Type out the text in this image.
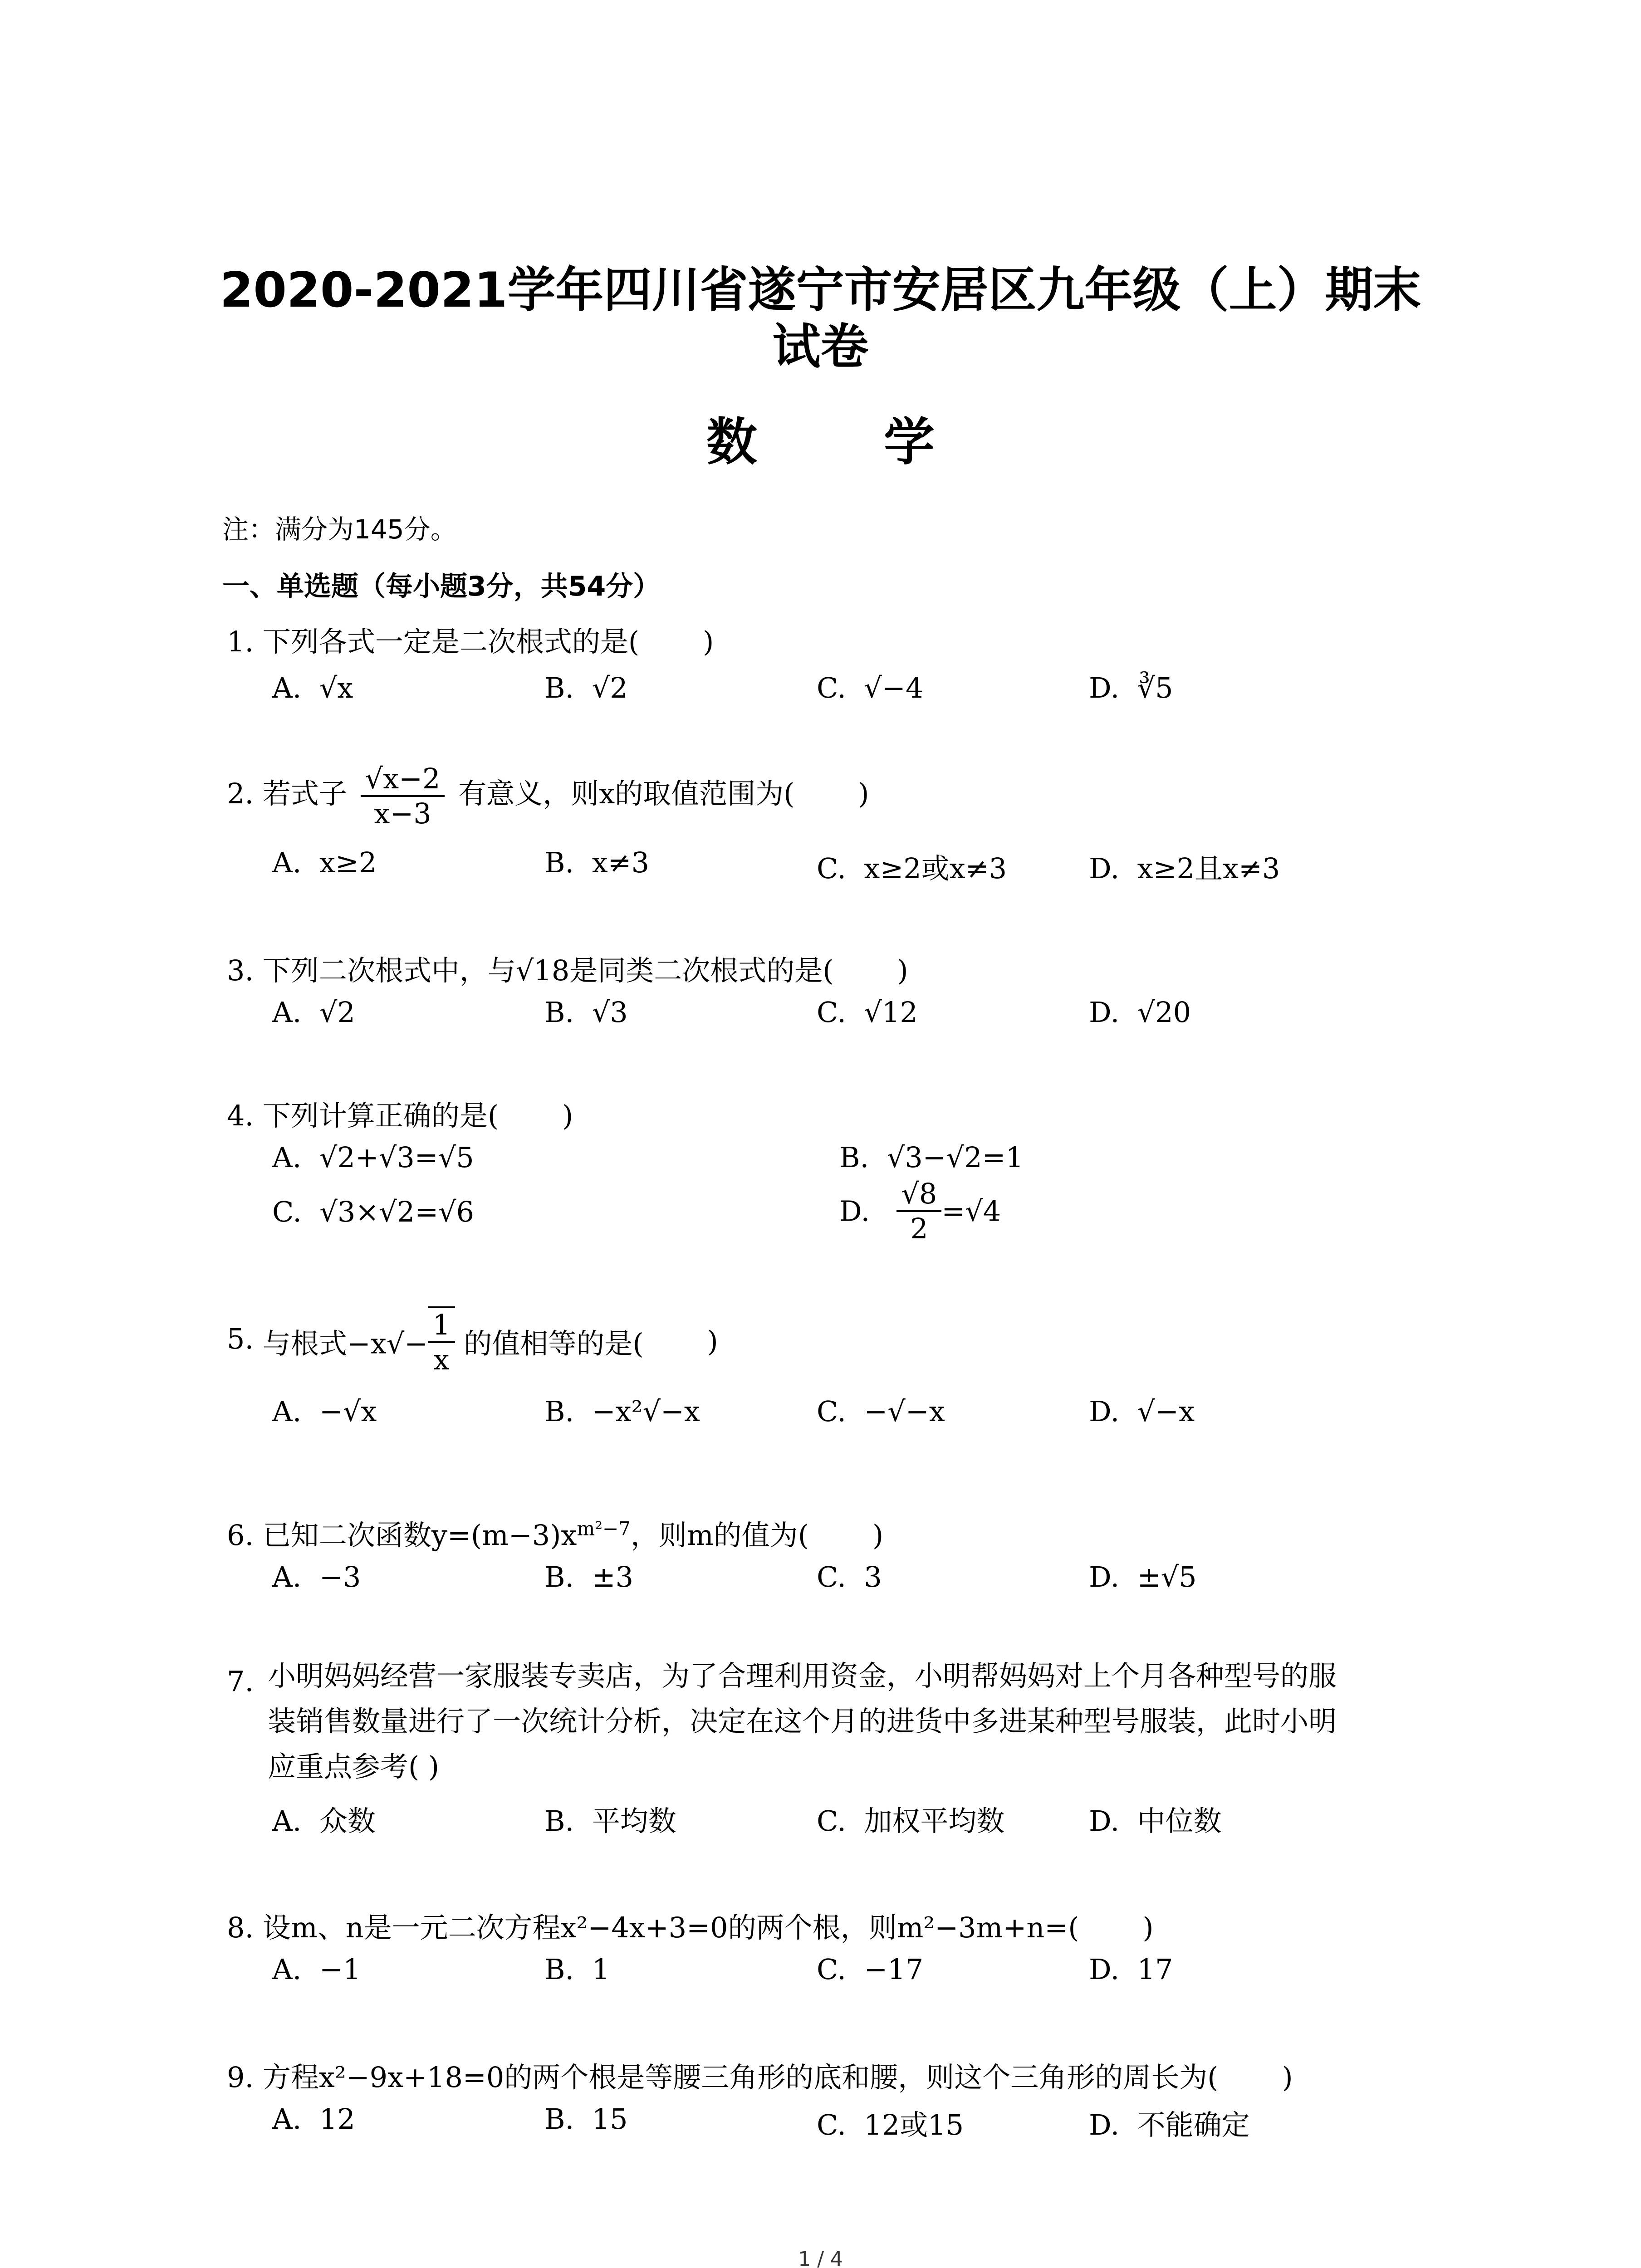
2020-2021学年四川省遂宁市安居区九年级（上）期末
试卷
数 学
注：满分为145分。
一、单选题（每小题3分，共54分）
1. 下列各式一定是二次根式的是( )
A. √x	B. √2	C. √−4	D. ∛5
2. 若式子 $\frac{√x-2}{x-3}$ 有意义，则x的取值范围为( )
A. x≥2	B. x≠3	C. x≥2或x≠3	D. x≥2且x≠3
3. 下列二次根式中，与√18是同类二次根式的是( )
A. √2	B. √3	C. √12	D. √20
4. 下列计算正确的是( )
A. √2+√3=√5	B. √3−√2=1
C. √3×√2=√6	D. $\frac{√8}{2} =√4$
5. 与根式$-x√- \frac{1}{x}$ 的值相等的是( )
A. −√x	B. −x²√−x	C. −√−x	D. √−x
6. 已知二次函数$y=(m-3)x^{m^2-7}$，则m的值为( )
A. −3	B. ±3	C. 3	D. ±√5
7. 小明妈妈经营一家服装专卖店，为了合理利用资金，小明帮妈妈对上个月各种型号的服
装销售数量进行了一次统计分析，决定在这个月的进货中多进某种型号服装，此时小明
应重点参考( )
A. 众数	B. 平均数	C. 加权平均数	D. 中位数
8. 设m、n是一元二次方程x²−4x+3=0的两个根，则m²−3m+n=( )
A. −1	B. 1	C. −17	D. 17
9. 方程x²−9x+18=0的两个根是等腰三角形的底和腰，则这个三角形的周长为( )
A. 12	B. 15	C. 12或15	D. 不能确定
1 / 4
